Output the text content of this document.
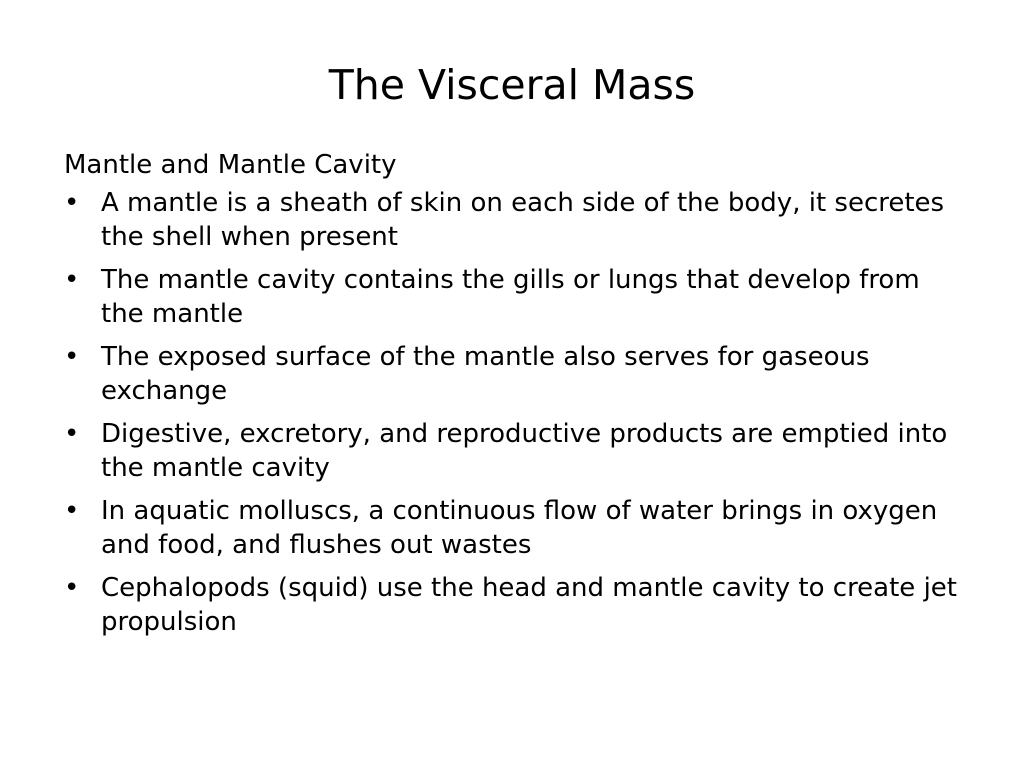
The Visceral Mass
Mantle and Mantle Cavity
• A mantle is a sheath of skin on each side of the body, it secretes the shell when present
• The mantle cavity contains the gills or lungs that develop from the mantle
• The exposed surface of the mantle also serves for gaseous exchange
• Digestive, excretory, and reproductive products are emptied into the mantle cavity
• In aquatic molluscs, a continuous flow of water brings in oxygen and food, and flushes out wastes
• Cephalopods (squid) use the head and mantle cavity to create jet propulsion
